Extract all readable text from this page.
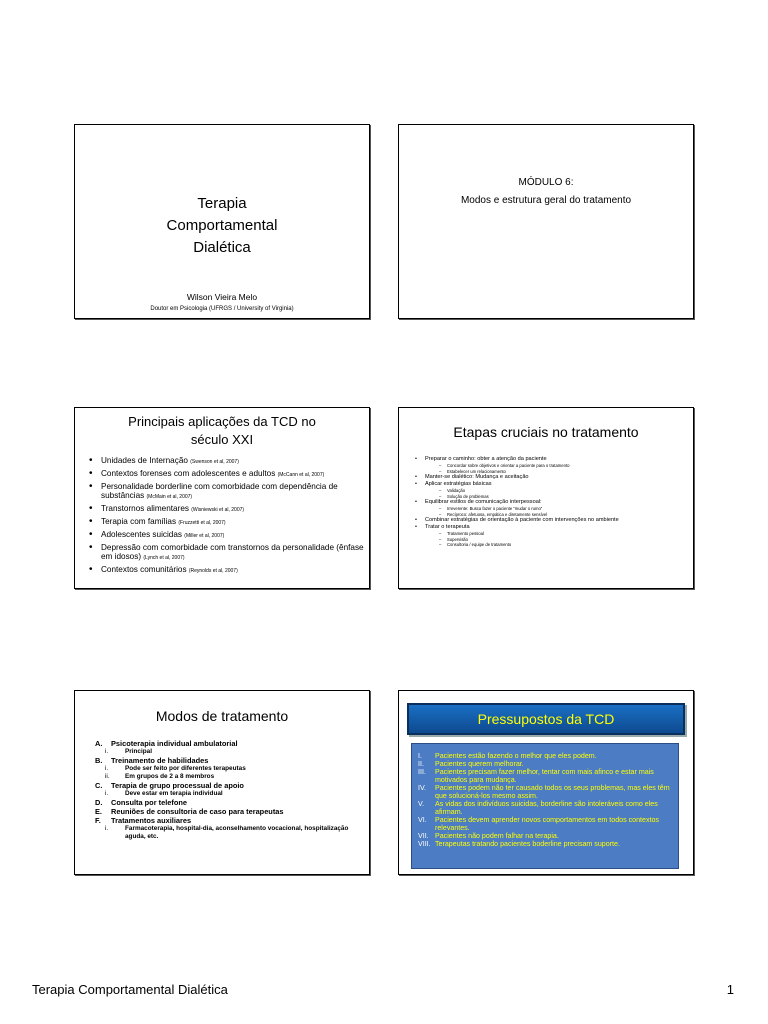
Terapia
Comportamental
Dialética
Wilson Vieira Melo
Doutor em Psicologia (UFRGS / University of Virginia)
MÓDULO 6:
Modos e estrutura geral do tratamento
Principais aplicações da TCD no
século XXI
• Unidades de Internação (Swenson et al, 2007)
• Contextos forenses com adolescentes e adultos (McCann et al, 2007)
• Personalidade borderline com comorbidade com dependência de substâncias (McMain et al, 2007)
• Transtornos alimentares (Wisniewski et al, 2007)
• Terapia com famílias (Fruzzetti et al, 2007)
• Adolescentes suicidas (Miller et al, 2007)
• Depressão com comorbidade com transtornos da personalidade (ênfase em idosos) (Lynch et al, 2007)
• Contextos comunitários (Reynolds et al, 2007)
Etapas cruciais no tratamento
• Preparar o caminho: obter a atenção da paciente
– Concordar sobre objetivos e orientar a paciente para o tratamento
– Estabelecer um relacionamento
• Manter-se dialético: Mudança e aceitação
• Aplicar estratégias básicas
– Validação
– Solução de problemas
• Equilibrar estilos de comunicação interpessoal:
– Irreverente: Busca fazer o paciente “mudar o rumo”
– Recíproco: afetuosa, empática e diretamente sensível
• Combinar estratégias de orientação à paciente com intervenções no ambiente
• Tratar o terapeuta
– Tratamento pessoal
– Supervisão
– Consultoria / equipe de tratamento
Modos de tratamento
A. Psicoterapia individual ambulatorial
i.	Principal
B. Treinamento de habilidades
i.	Pode ser feito por diferentes terapeutas
ii. Em grupos de 2 a 8 membros
C. Terapia de grupo processual de apoio
i.	Deve estar em terapia individual
D. Consulta por telefone
E. Reuniões de consultoria de caso para terapeutas
F. Tratamentos auxiliares
i.	Farmacoterapia, hospital-dia, aconselhamento vocacional, hospitalização aguda, etc.
Pressupostos da TCD
I. Pacientes estão fazendo o melhor que eles podem.
II. Pacientes querem melhorar.
III. Pacientes precisam fazer melhor, tentar com mais afinco e estar mais motivados para mudança.
IV. Pacientes podem não ter causado todos os seus problemas, mas eles têm que solucioná-los mesmo assim.
V. As vidas dos indivíduos suicidas, borderline são intoleráveis como eles afirmam.
VI. Pacientes devem aprender novos comportamentos em todos contextos relevantes.
VII. Pacientes não podem falhar na terapia.
VIII. Terapeutas tratando pacientes boderline precisam suporte.
Terapia Comportamental Dialética	1
